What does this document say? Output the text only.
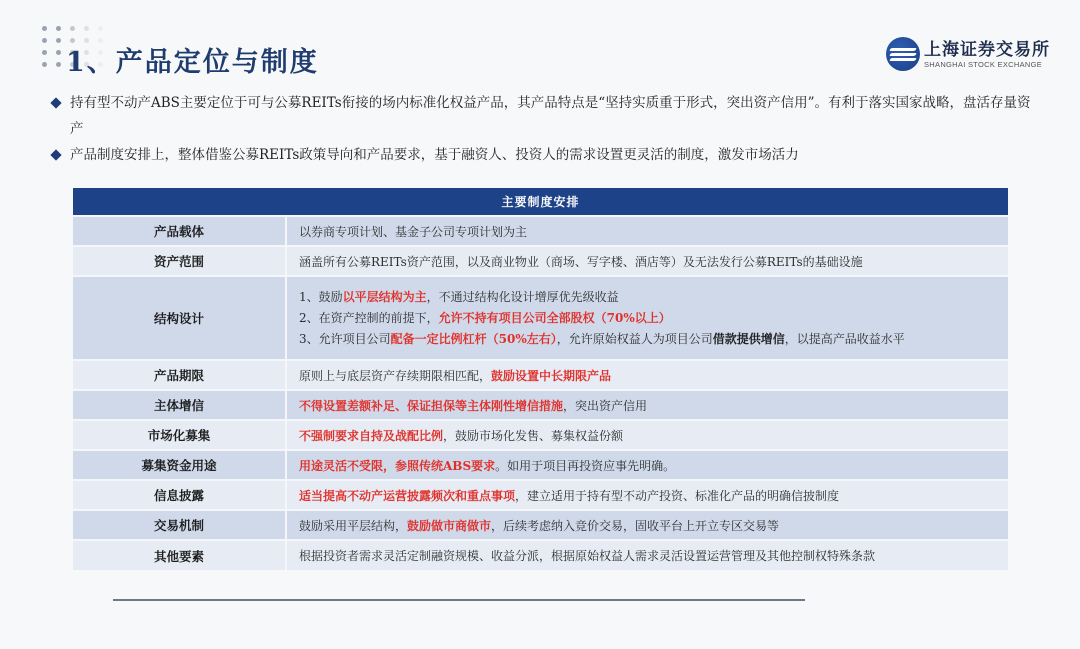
1、产品定位与制度	上海证券交易所
SHANGHAI STOCK EXCHANGE
持有型不动产ABS主要定位于可与公募REITs衔接的场内标准化权益产品，其产品特点是“坚持实质重于形式，突出资产信用”。有利于落实国家战略，盘活存量资产
产品制度安排上，整体借鉴公募REITs政策导向和产品要求，基于融资人、投资人的需求设置更灵活的制度，激发市场活力
主要制度安排	
产品载体	以券商专项计划、基金子公司专项计划为主
资产范围	涵盖所有公募REITs资产范围，以及商业物业（商场、写字楼、酒店等）及无法发行公募REITs的基础设施
结构设计	1、鼓励以平层结构为主，不通过结构化设计增厚优先级收益
2、在资产控制的前提下，允许不持有项目公司全部股权（70%以上）
3、允许项目公司配备一定比例杠杆（50%左右），允许原始权益人为项目公司借款提供增信，以提高产品收益水平

产品期限	原则上与底层资产存续期限相匹配，鼓励设置中长期限产品
主体增信	不得设置差额补足、保证担保等主体刚性增信措施，突出资产信用
市场化募集	不强制要求自持及战配比例，鼓励市场化发售、募集权益份额
募集资金用途	用途灵活不受限，参照传统ABS要求。如用于项目再投资应事先明确。
信息披露	适当提高不动产运营披露频次和重点事项，建立适用于持有型不动产投资、标准化产品的明确信披制度
交易机制	鼓励采用平层结构，鼓励做市商做市，后续考虑纳入竞价交易，固收平台上开立专区交易等
其他要素	根据投资者需求灵活定制融资规模、收益分派，根据原始权益人需求灵活设置运营管理及其他控制权特殊条款
